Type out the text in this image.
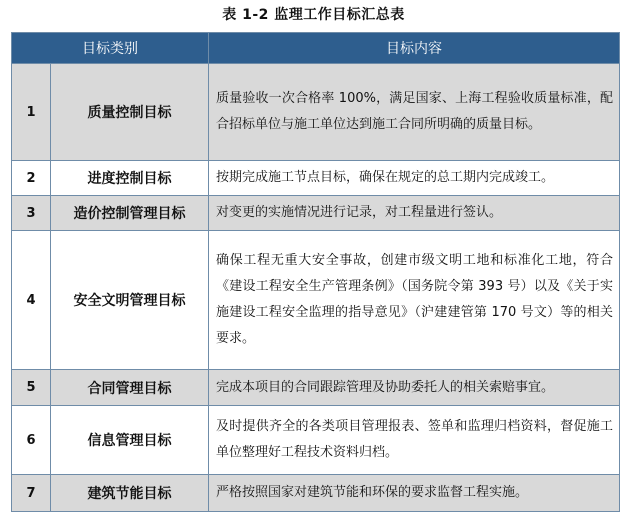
表 1-2 监理工作目标汇总表
目标类别		目标内容
1	质量控制目标	质量验收一次合格率 100%，满足国家、上海工程验收质量标准，配合招标单位与施工单位达到施工合同所明确的质量目标。
2	进度控制目标	按期完成施工节点目标，确保在规定的总工期内完成竣工。
3	造价控制管理目标	对变更的实施情况进行记录，对工程量进行签认。
4	安全文明管理目标	确保工程无重大安全事故，创建市级文明工地和标准化工地，符合《建设工程安全生产管理条例》（国务院令第 393 号）以及《关于实施建设工程安全监理的指导意见》（沪建建管第 170 号文）等的相关要求。
5	合同管理目标	完成本项目的合同跟踪管理及协助委托人的相关索赔事宜。
6	信息管理目标	及时提供齐全的各类项目管理报表、签单和监理归档资料，督促施工单位整理好工程技术资料归档。
7	建筑节能目标	严格按照国家对建筑节能和环保的要求监督工程实施。
